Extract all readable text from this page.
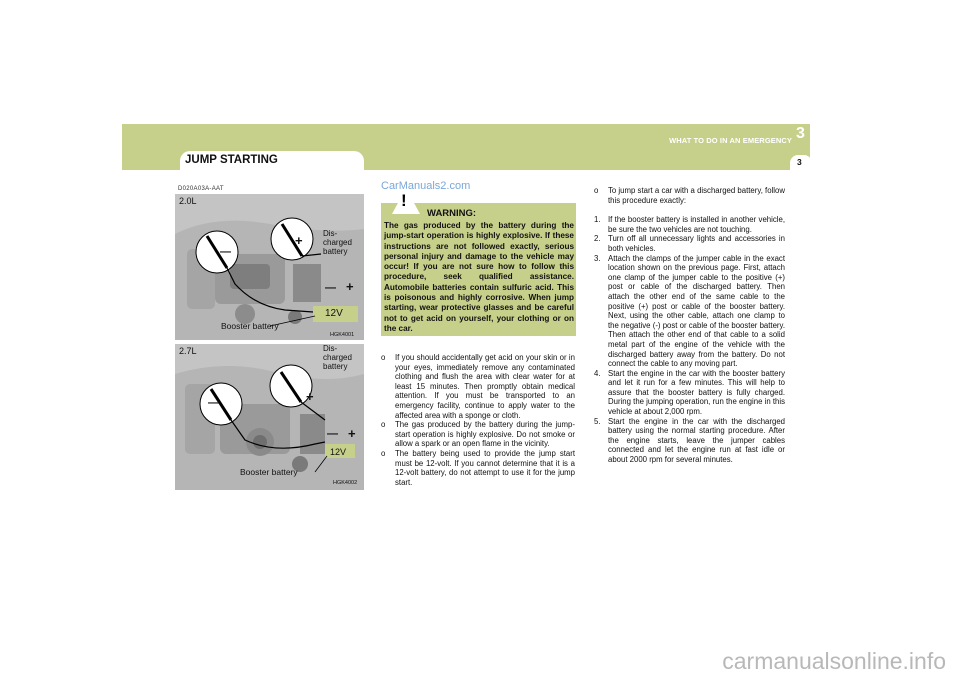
JUMP STARTING
WHAT TO DO IN AN EMERGENCY 3
3
D020A03A-AAT
2.0L
Dis-
charged
battery
—
+
— +
12V
Booster battery
HGK4001
2.7L	Dis-
charged
battery
—	+
— +
12V
Booster battery
HGK4002
CarManuals2.com
WARNING:
The gas produced by the battery during the jump-start operation is highly explosive. If these instructions are not followed exactly, serious personal injury and damage to the vehicle may occur! If you are not sure how to follow this procedure, seek qualified assistance. Automobile batteries contain sulfuric acid. This is poisonous and highly corrosive. When jump starting, wear protective glasses and be careful not to get acid on yourself, your clothing or on the car.
!

o If you should accidentally get acid on your skin or in your eyes, immediately remove any contaminated clothing and flush the area with clear water for at least 15 minutes. Then promptly obtain medical attention. If you must be transported to an emergency facility, continue to apply water to the affected area with a sponge or cloth.

o The gas produced by the battery during the jump-start operation is highly explosive. Do not smoke or allow a spark or an open flame in the vicinity.

o The battery being used to provide the jump start must be 12-volt. If you cannot determine that it is a 12-volt battery, do not attempt to use it for the jump start.

o To jump start a car with a discharged battery, follow this procedure exactly:

1. If the booster battery is installed in another vehicle, be sure the two vehicles are not touching.

2. Turn off all unnecessary lights and accessories in both vehicles.

3. Attach the clamps of the jumper cable in the exact location shown on the previous page. First, attach one clamp of the jumper cable to the positive (+) post or cable of the discharged battery. Then attach the other end of the same cable to the positive (+) post or cable of the booster battery. Next, using the other cable, attach one clamp to the negative (-) post or cable of the booster battery. Then attach the other end of that cable to a solid metal part of the engine of the vehicle with the discharged battery away from the battery. Do not connect the cable to any moving part.

4. Start the engine in the car with the booster battery and let it run for a few minutes. This will help to assure that the booster battery is fully charged. During the jumping operation, run the engine in this vehicle at about 2,000 rpm.

5. Start the engine in the car with the discharged battery using the normal starting procedure. After the engine starts, leave the jumper cables connected and let the engine run at fast idle or about 2000 rpm for several minutes.

carmanualsonline.info
